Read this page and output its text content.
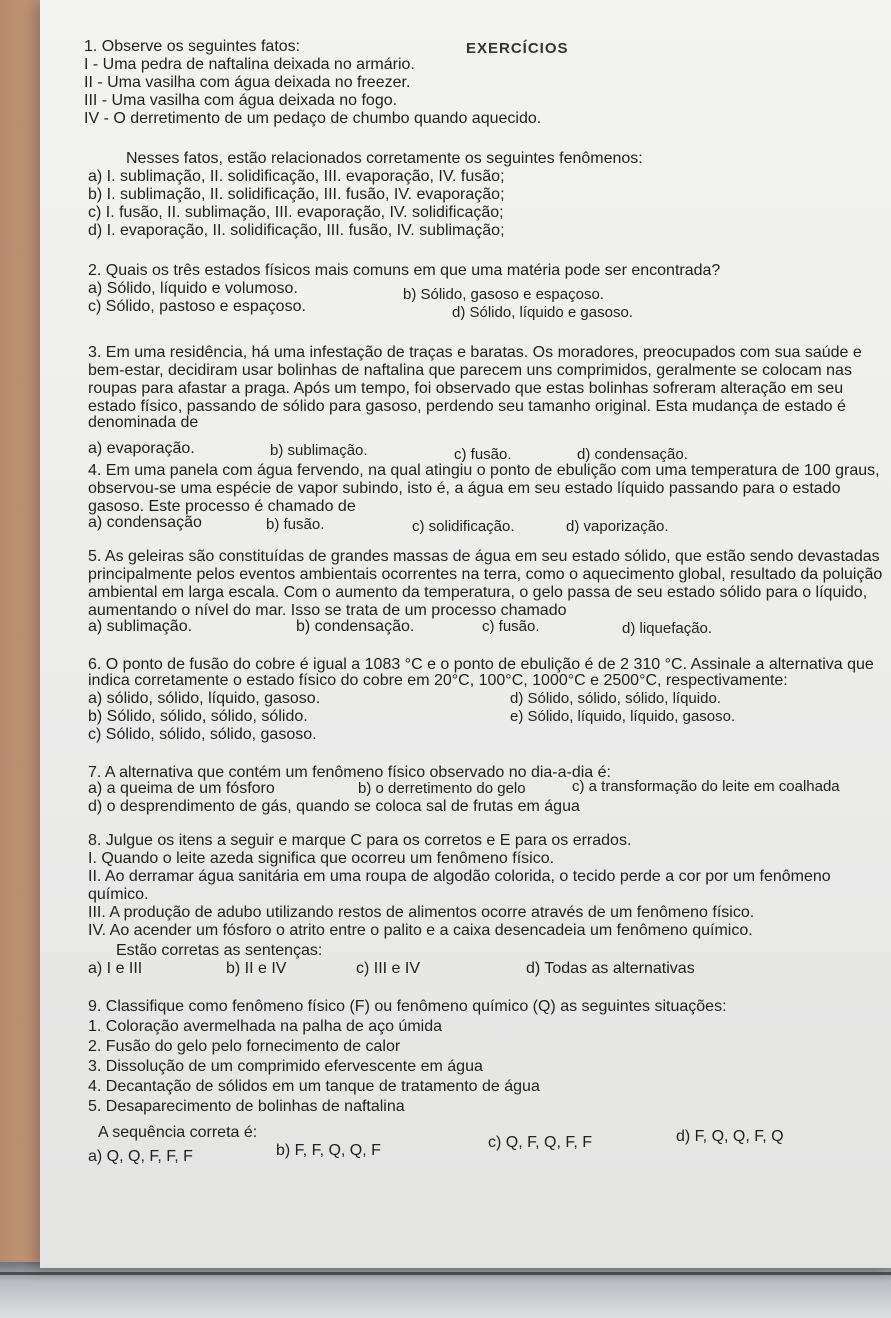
EXERCÍCIOS
1. Observe os seguintes fatos:
I - Uma pedra de naftalina deixada no armário.
II - Uma vasilha com água deixada no freezer.
III - Uma vasilha com água deixada no fogo.
IV - O derretimento de um pedaço de chumbo quando aquecido.
Nesses fatos, estão relacionados corretamente os seguintes fenômenos:
a) I. sublimação, II. solidificação, III. evaporação, IV. fusão;
b) I. sublimação, II. solidificação, III. fusão, IV. evaporação;
c) I. fusão, II. sublimação, III. evaporação, IV. solidificação;
d) I. evaporação, II. solidificação, III. fusão, IV. sublimação;
2. Quais os três estados físicos mais comuns em que uma matéria pode ser encontrada?
a) Sólido, líquido e volumoso.	b) Sólido, gasoso e espaçoso.
c) Sólido, pastoso e espaçoso.	d) Sólido, líquido e gasoso.
3. Em uma residência, há uma infestação de traças e baratas. Os moradores, preocupados com sua saúde e
bem-estar, decidiram usar bolinhas de naftalina que parecem uns comprimidos, geralmente se colocam nas
roupas para afastar a praga. Após um tempo, foi observado que estas bolinhas sofreram alteração em seu
estado físico, passando de sólido para gasoso, perdendo seu tamanho original. Esta mudança de estado é
denominada de
a) evaporação.	b) sublimação.	c) fusão.	d) condensação.
4. Em uma panela com água fervendo, na qual atingiu o ponto de ebulição com uma temperatura de 100 graus,
observou-se uma espécie de vapor subindo, isto é, a água em seu estado líquido passando para o estado
gasoso. Este processo é chamado de
a) condensação	b) fusão.	c) solidificação.	d) vaporização.
5. As geleiras são constituídas de grandes massas de água em seu estado sólido, que estão sendo devastadas
principalmente pelos eventos ambientais ocorrentes na terra, como o aquecimento global, resultado da poluição
ambiental em larga escala. Com o aumento da temperatura, o gelo passa de seu estado sólido para o líquido,
aumentando o nível do mar. Isso se trata de um processo chamado
a) sublimação.	b) condensação.	c) fusão.	d) liquefação.
6. O ponto de fusão do cobre é igual a 1083 °C e o ponto de ebulição é de 2 310 °C. Assinale a alternativa que
indica corretamente o estado físico do cobre em 20°C, 100°C, 1000°C e 2500°C, respectivamente:
a) sólido, sólido, líquido, gasoso.	d) Sólido, sólido, sólido, líquido.
b) Sólido, sólido, sólido, sólido.	e) Sólido, líquido, líquido, gasoso.
c) Sólido, sólido, sólido, gasoso.
7. A alternativa que contém um fenômeno físico observado no dia-a-dia é:
a) a queima de um fósforo	b) o derretimento do gelo	c) a transformação do leite em coalhada
d) o desprendimento de gás, quando se coloca sal de frutas em água
8. Julgue os itens a seguir e marque C para os corretos e E para os errados.
I. Quando o leite azeda significa que ocorreu um fenômeno físico.
II. Ao derramar água sanitária em uma roupa de algodão colorida, o tecido perde a cor por um fenômeno
químico.
III. A produção de adubo utilizando restos de alimentos ocorre através de um fenômeno físico.
IV. Ao acender um fósforo o atrito entre o palito e a caixa desencadeia um fenômeno químico.
Estão corretas as sentenças:
a) I e III	b) II e IV	c) III e IV	d) Todas as alternativas
9. Classifique como fenômeno físico (F) ou fenômeno químico (Q) as seguintes situações:
1. Coloração avermelhada na palha de aço úmida
2. Fusão do gelo pelo fornecimento de calor
3. Dissolução de um comprimido efervescente em água
4. Decantação de sólidos em um tanque de tratamento de água
5. Desaparecimento de bolinhas de naftalina
A sequência correta é:
a) Q, Q, F, F, F	b) F, F, Q, Q, F	c) Q, F, Q, F, F	d) F, Q, Q, F, Q
